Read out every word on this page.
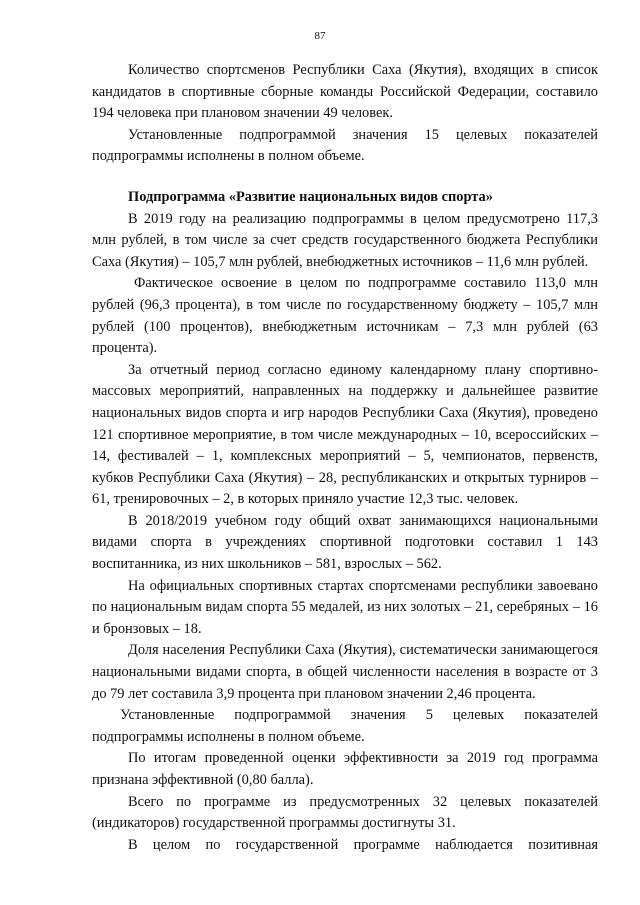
87

Количество спортсменов Республики Саха (Якутия), входящих в список кандидатов в спортивные сборные команды Российской Федерации, составило 194 человека при плановом значении 49 человек.

Установленные подпрограммой значения 15 целевых показателей подпрограммы исполнены в полном объеме.

Подпрограмма «Развитие национальных видов спорта»

В 2019 году на реализацию подпрограммы в целом предусмотрено 117,3 млн рублей, в том числе за счет средств государственного бюджета Республики Саха (Якутия) – 105,7 млн рублей, внебюджетных источников – 11,6 млн рублей.

Фактическое освоение в целом по подпрограмме составило 113,0 млн рублей (96,3 процента), в том числе по государственному бюджету – 105,7 млн рублей (100 процентов), внебюджетным источникам – 7,3 млн рублей (63 процента).

За отчетный период согласно единому календарному плану спортивно-массовых мероприятий, направленных на поддержку и дальнейшее развитие национальных видов спорта и игр народов Республики Саха (Якутия), проведено 121 спортивное мероприятие, в том числе международных – 10, всероссийских – 14, фестивалей – 1, комплексных мероприятий – 5, чемпионатов, первенств, кубков Республики Саха (Якутия) – 28, республиканских и открытых турниров – 61, тренировочных – 2, в которых приняло участие 12,3 тыс. человек.

В 2018/2019 учебном году общий охват занимающихся национальными видами спорта в учреждениях спортивной подготовки составил 1 143 воспитанника, из них школьников – 581, взрослых – 562.

На официальных спортивных стартах спортсменами республики завоевано по национальным видам спорта 55 медалей, из них золотых – 21, серебряных – 16 и бронзовых – 18.

Доля населения Республики Саха (Якутия), систематически занимающегося национальными видами спорта, в общей численности населения в возрасте от 3 до 79 лет составила 3,9 процента при плановом значении 2,46 процента.

Установленные подпрограммой значения 5 целевых показателей подпрограммы исполнены в полном объеме.

По итогам проведенной оценки эффективности за 2019 год программа признана эффективной (0,80 балла).

Всего по программе из предусмотренных 32 целевых показателей (индикаторов) государственной программы достигнуты 31.

В целом по государственной программе наблюдается позитивная
